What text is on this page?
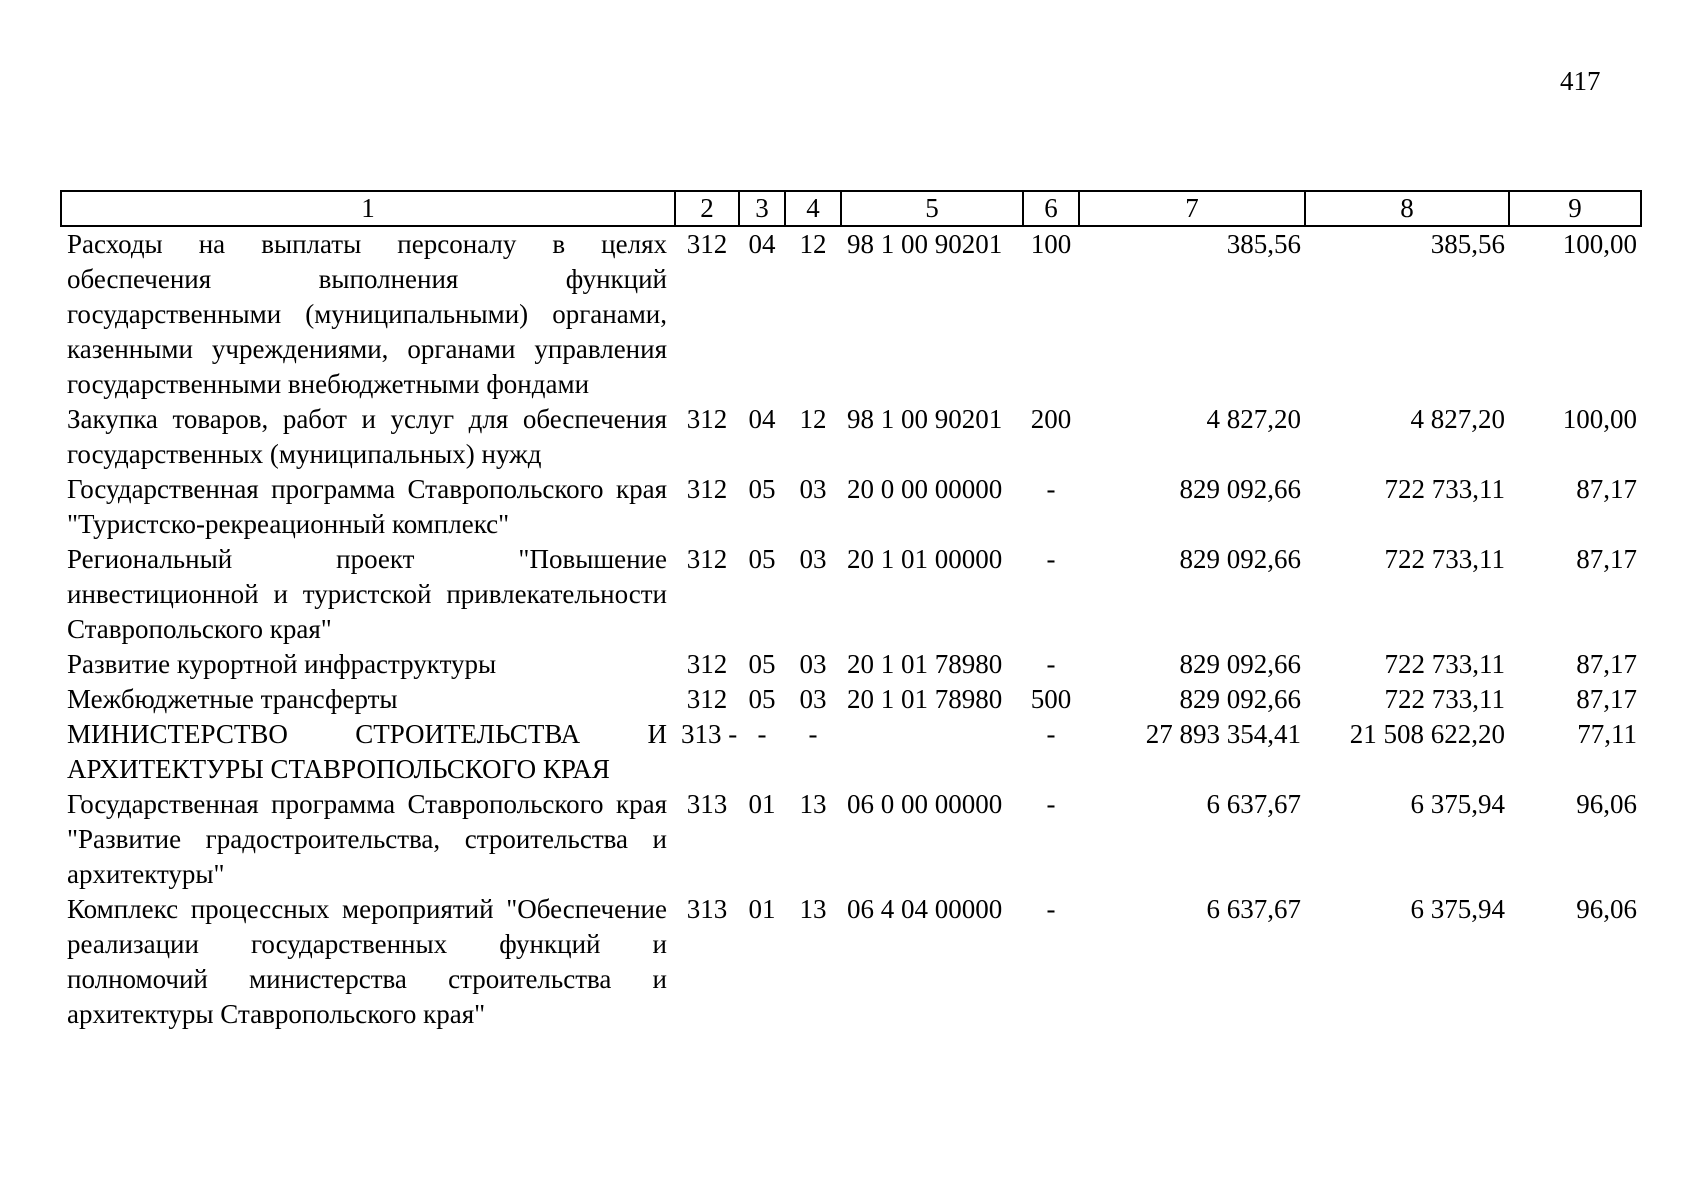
417
1	2	3	4	5	6	7	8	9
Расходы на выплаты персоналу в целях обеспечения выполнения функций государственными (муниципальными) органами, казенными учреждениями, органами управления государственными внебюджетными фондами	312	04	12	98 1 00 90201	100	385,56	385,56	100,00
Закупка товаров, работ и услуг для обеспечения государственных (муниципальных) нужд	312	04	12	98 1 00 90201	200	4 827,20	4 827,20	100,00
Государственная программа Ставропольского края "Туристско-рекреационный комплекс"	312	05	03	20 0 00 00000	-	829 092,66	722 733,11	87,17
Региональный проект "Повышение инвестиционной и туристской привлекательности Ставропольского края"	312	05	03	20 1 01 00000	-	829 092,66	722 733,11	87,17
Развитие курортной инфраструктуры	312	05	03	20 1 01 78980	-	829 092,66	722 733,11	87,17
Межбюджетные трансферты	312	05	03	20 1 01 78980	500	829 092,66	722 733,11	87,17
МИНИСТЕРСТВО СТРОИТЕЛЬСТВА И АРХИТЕКТУРЫ СТАВРОПОЛЬСКОГО КРАЯ	313 -	-	-		-	27 893 354,41	21 508 622,20	77,11
Государственная программа Ставропольского края "Развитие градостроительства, строительства и архитектуры"	313	01	13	06 0 00 00000	-	6 637,67	6 375,94	96,06
Комплекс процессных мероприятий "Обеспечение реализации государственных функций и полномочий министерства строительства и архитектуры Ставропольского края"	313	01	13	06 4 04 00000	-	6 637,67	6 375,94	96,06
